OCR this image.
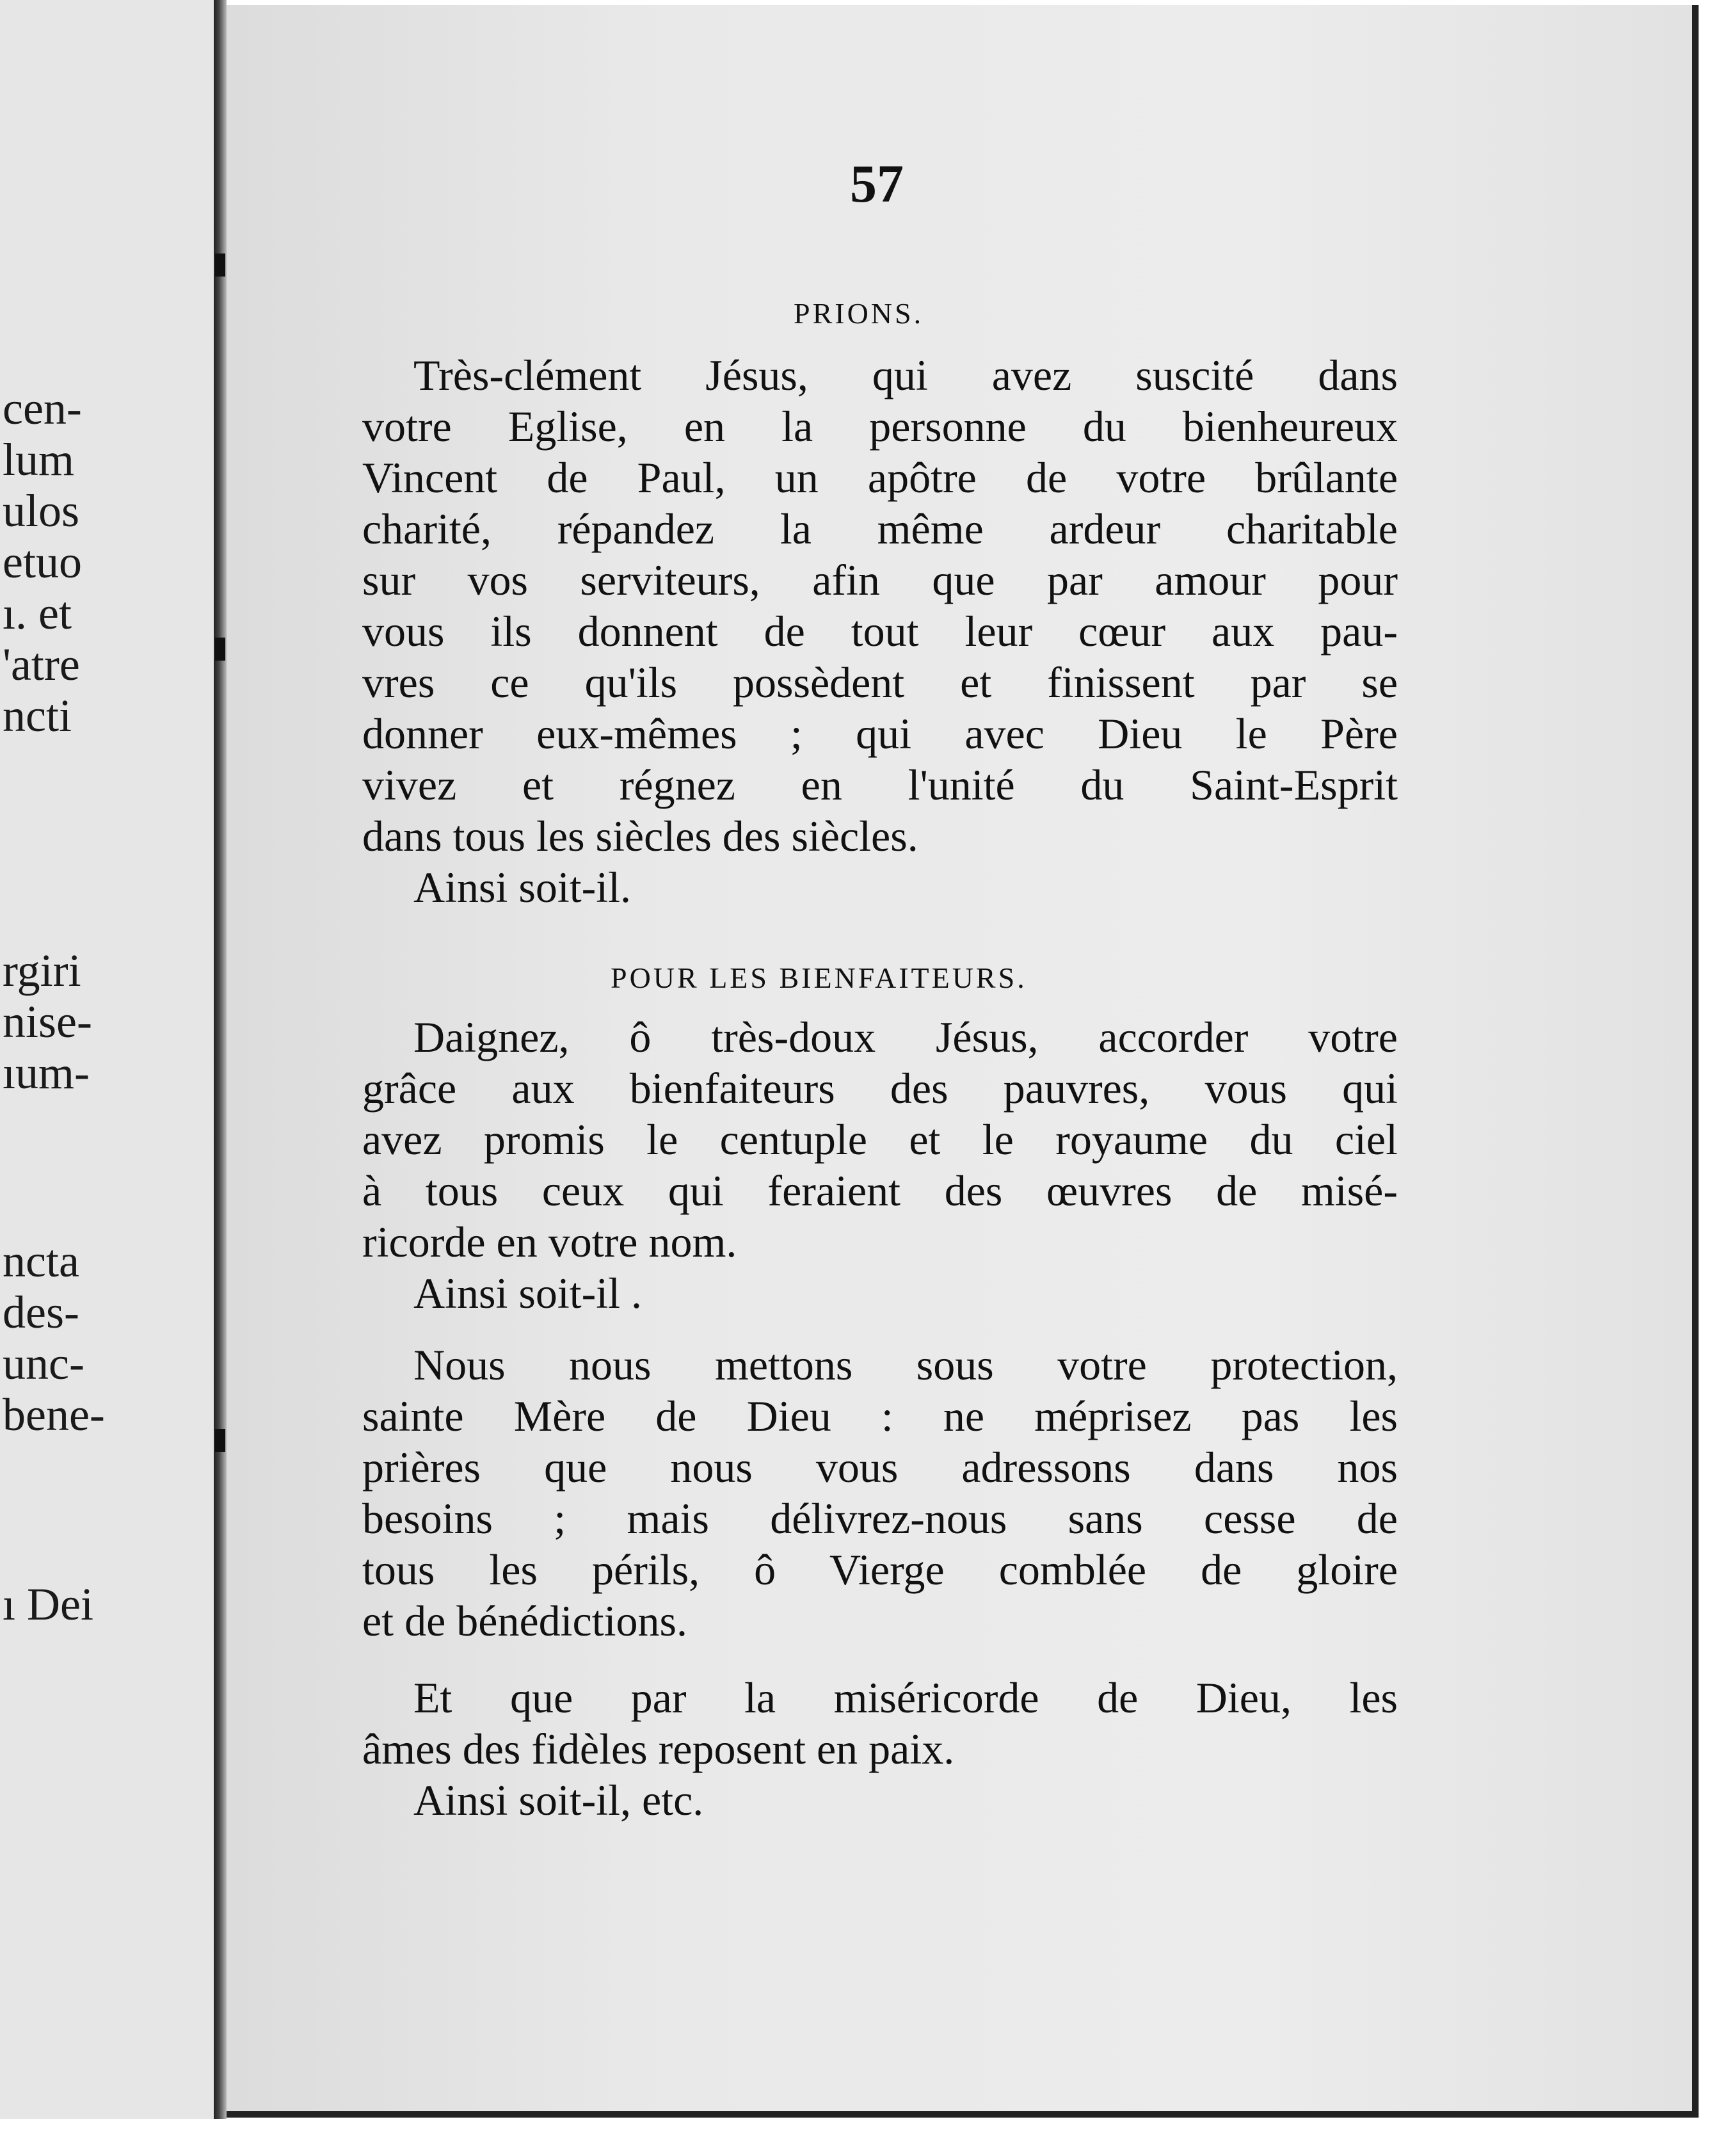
cen-
lum
ulos
etuo
ı. et
'atre
ncti
rgiri
nise-
ıum-
ncta
des-
unc-
bene-
ı Dei
57
PRIONS.
Très-clément Jésus, qui avez suscité dans
votre Eglise, en la personne du bienheureux
Vincent de Paul, un apôtre de votre brûlante
charité, répandez la même ardeur charitable
sur vos serviteurs, afin que par amour pour
vous ils donnent de tout leur cœur aux pau-
vres ce qu'ils possèdent et finissent par se
donner eux-mêmes ; qui avec Dieu le Père
vivez et régnez en l'unité du Saint-Esprit
dans tous les siècles des siècles.
Ainsi soit-il.
POUR LES BIENFAITEURS.
Daignez, ô très-doux Jésus, accorder votre
grâce aux bienfaiteurs des pauvres, vous qui
avez promis le centuple et le royaume du ciel
à tous ceux qui feraient des œuvres de misé-
ricorde en votre nom.
Ainsi soit-il .
Nous nous mettons sous votre protection,
sainte Mère de Dieu : ne méprisez pas les
prières que nous vous adressons dans nos
besoins ; mais délivrez-nous sans cesse de
tous les périls, ô Vierge comblée de gloire
et de bénédictions.
Et que par la miséricorde de Dieu, les
âmes des fidèles reposent en paix.
Ainsi soit-il, etc.
